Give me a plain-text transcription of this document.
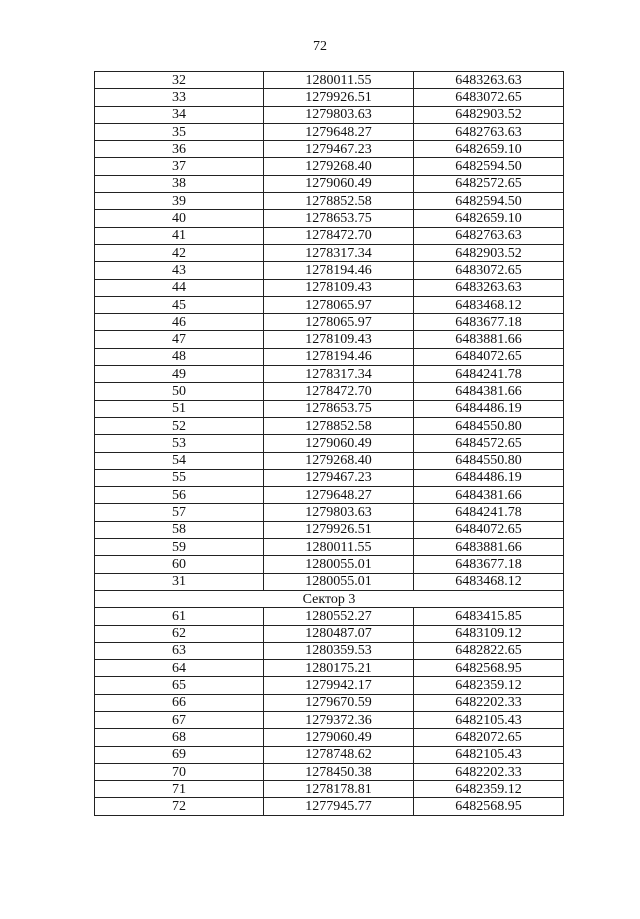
72
32	1280011.55	6483263.63
33	1279926.51	6483072.65
34	1279803.63	6482903.52
35	1279648.27	6482763.63
36	1279467.23	6482659.10
37	1279268.40	6482594.50
38	1279060.49	6482572.65
39	1278852.58	6482594.50
40	1278653.75	6482659.10
41	1278472.70	6482763.63
42	1278317.34	6482903.52
43	1278194.46	6483072.65
44	1278109.43	6483263.63
45	1278065.97	6483468.12
46	1278065.97	6483677.18
47	1278109.43	6483881.66
48	1278194.46	6484072.65
49	1278317.34	6484241.78
50	1278472.70	6484381.66
51	1278653.75	6484486.19
52	1278852.58	6484550.80
53	1279060.49	6484572.65
54	1279268.40	6484550.80
55	1279467.23	6484486.19
56	1279648.27	6484381.66
57	1279803.63	6484241.78
58	1279926.51	6484072.65
59	1280011.55	6483881.66
60	1280055.01	6483677.18
31	1280055.01	6483468.12
Сектор 3		
61	1280552.27	6483415.85
62	1280487.07	6483109.12
63	1280359.53	6482822.65
64	1280175.21	6482568.95
65	1279942.17	6482359.12
66	1279670.59	6482202.33
67	1279372.36	6482105.43
68	1279060.49	6482072.65
69	1278748.62	6482105.43
70	1278450.38	6482202.33
71	1278178.81	6482359.12
72	1277945.77	6482568.95
